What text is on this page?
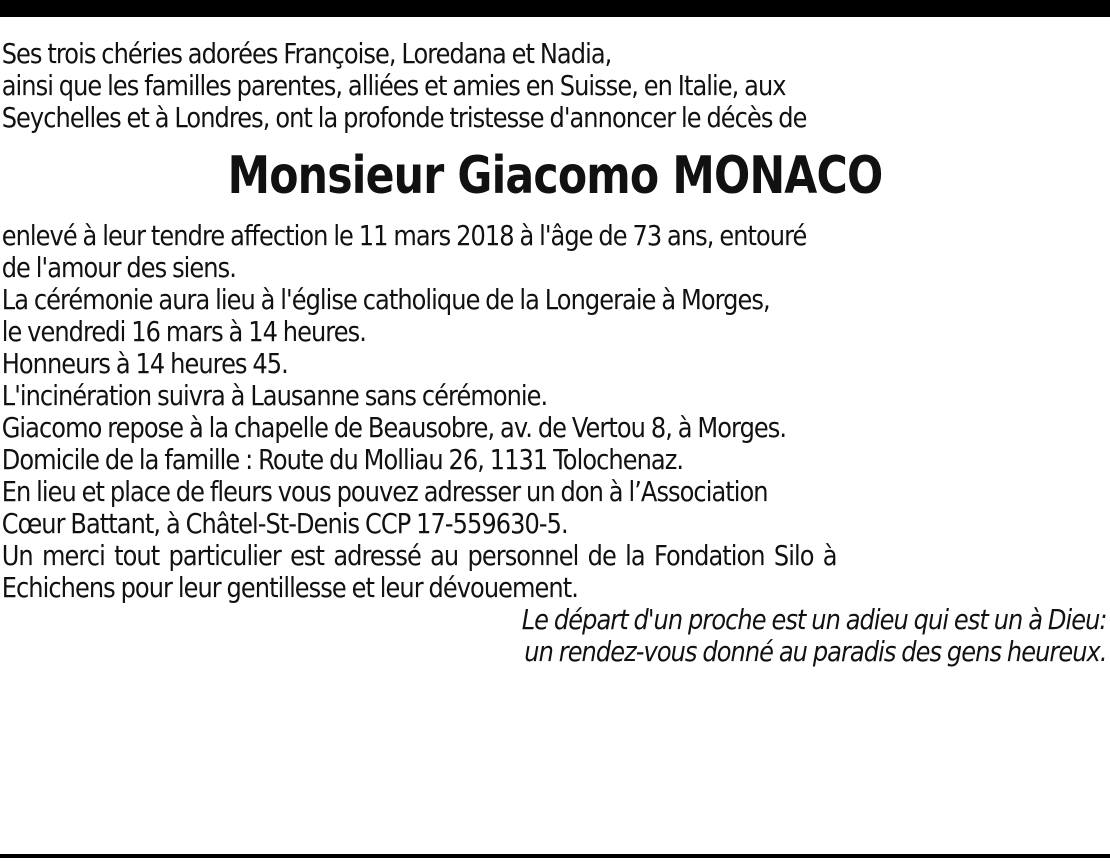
Ses trois chéries adorées Françoise, Loredana et Nadia,
ainsi que les familles parentes, alliées et amies en Suisse, en Italie, aux
Seychelles et à Londres, ont la profonde tristesse d'annoncer le décès de
Monsieur Giacomo MONACO
enlevé à leur tendre affection le 11 mars 2018 à l'âge de 73 ans, entouré
de l'amour des siens.
La cérémonie aura lieu à l'église catholique de la Longeraie à Morges,
le vendredi 16 mars à 14 heures.
Honneurs à 14 heures 45.
L'incinération suivra à Lausanne sans cérémonie.
Giacomo repose à la chapelle de Beausobre, av. de Vertou 8, à Morges.
Domicile de la famille : Route du Molliau 26, 1131 Tolochenaz.
En lieu et place de fleurs vous pouvez adresser un don à l’Association
Cœur Battant, à Châtel-St-Denis CCP 17-559630-5.
Un merci tout particulier est adressé au personnel de la Fondation Silo à
Echichens pour leur gentillesse et leur dévouement.
Le départ d'un proche est un adieu qui est un à Dieu:
un rendez-vous donné au paradis des gens heureux.
